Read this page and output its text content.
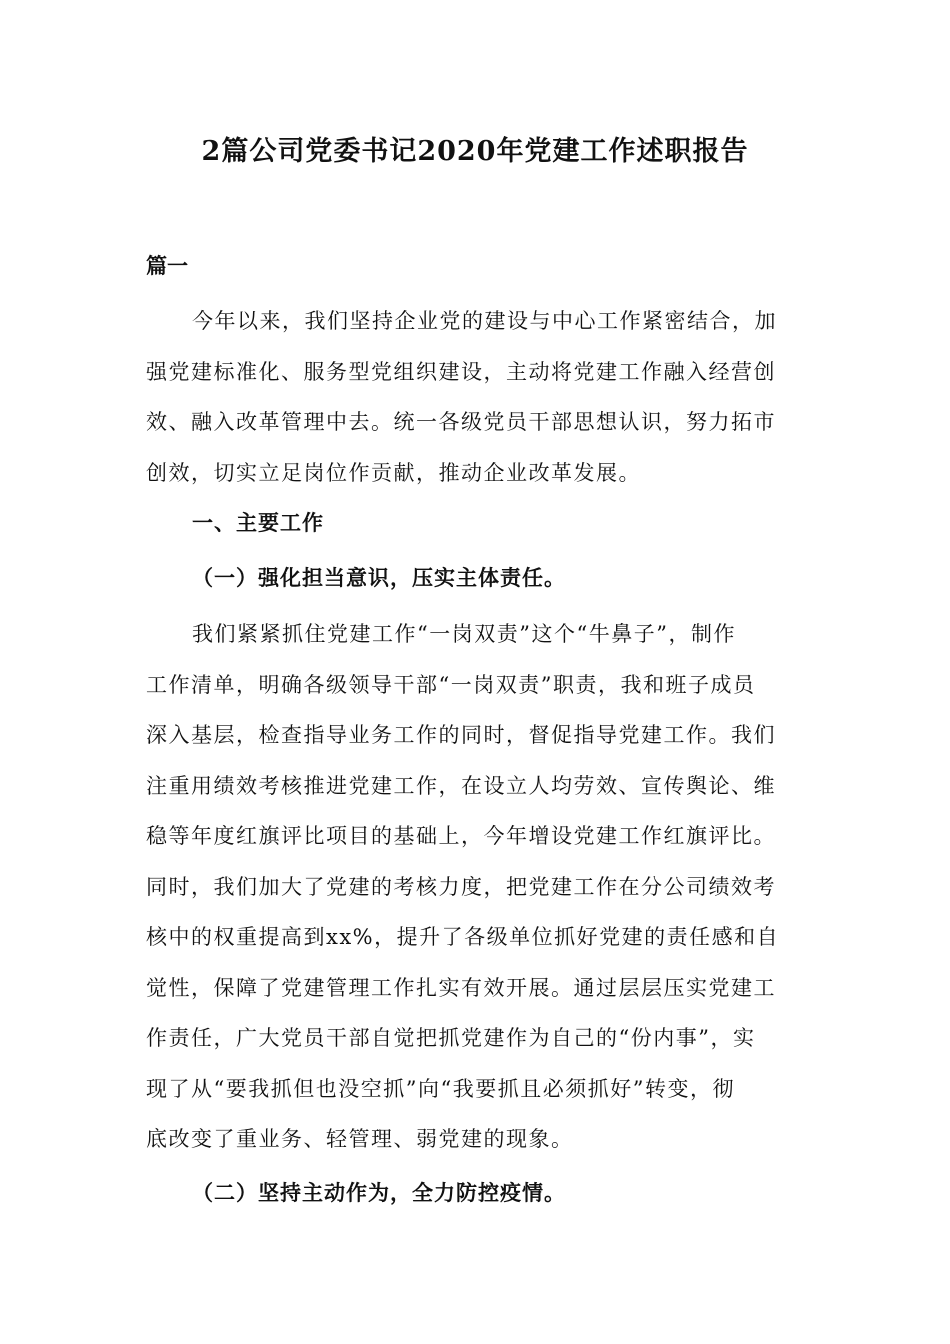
2篇公司党委书记2020年党建工作述职报告
篇一
今年以来，我们坚持企业党的建设与中心工作紧密结合，加
强党建标准化、服务型党组织建设，主动将党建工作融入经营创
效、融入改革管理中去。统一各级党员干部思想认识，努力拓市
创效，切实立足岗位作贡献，推动企业改革发展。
一、主要工作
（一）强化担当意识，压实主体责任。
我们紧紧抓住党建工作“一岗双责”这个“牛鼻子”，制作
工作清单，明确各级领导干部“一岗双责”职责，我和班子成员
深入基层，检查指导业务工作的同时，督促指导党建工作。我们
注重用绩效考核推进党建工作，在设立人均劳效、宣传舆论、维
稳等年度红旗评比项目的基础上，今年增设党建工作红旗评比。
同时，我们加大了党建的考核力度，把党建工作在分公司绩效考
核中的权重提高到xx%，提升了各级单位抓好党建的责任感和自
觉性，保障了党建管理工作扎实有效开展。通过层层压实党建工
作责任，广大党员干部自觉把抓党建作为自己的“份内事”，实
现了从“要我抓但也没空抓”向“我要抓且必须抓好”转变，彻
底改变了重业务、轻管理、弱党建的现象。
（二）坚持主动作为，全力防控疫情。
